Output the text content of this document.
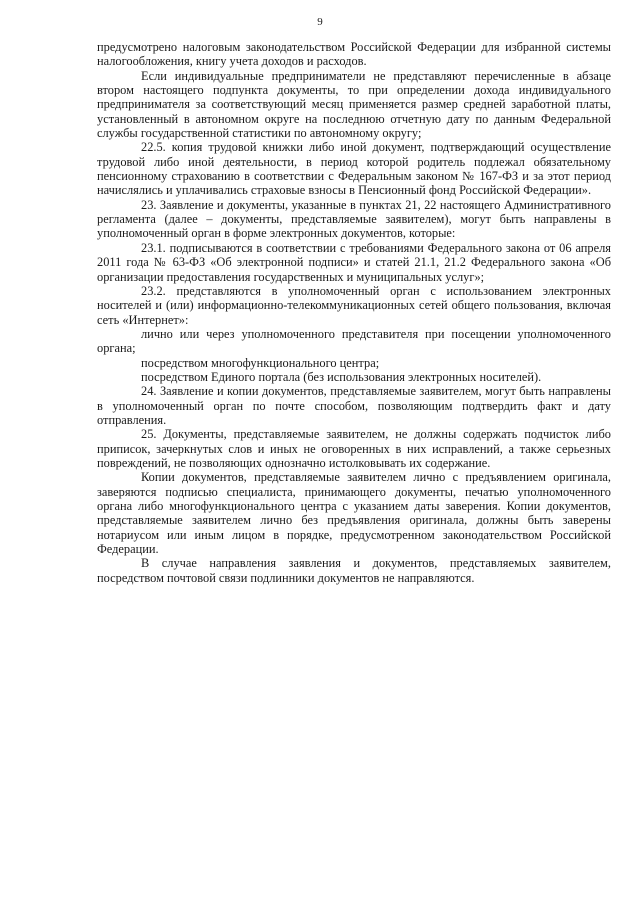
9

предусмотрено налоговым законодательством Российской Федерации для избранной системы налогообложения, книгу учета доходов и расходов.

Если индивидуальные предприниматели не представляют перечисленные в абзаце втором настоящего подпункта документы, то при определении дохода индивидуального предпринимателя за соответствующий месяц применяется размер средней заработной платы, установленный в автономном округе на последнюю отчетную дату по данным Федеральной службы государственной статистики по автономному округу;

22.5. копия трудовой книжки либо иной документ, подтверждающий осуществление трудовой либо иной деятельности, в период которой родитель подлежал обязательному пенсионному страхованию в соответствии с Федеральным законом № 167-ФЗ и за этот период начислялись и уплачивались страховые взносы в Пенсионный фонд Российской Федерации».

23. Заявление и документы, указанные в пунктах 21, 22 настоящего Административного регламента (далее – документы, представляемые заявителем), могут быть направлены в уполномоченный орган в форме электронных документов, которые:

23.1. подписываются в соответствии с требованиями Федерального закона от 06 апреля 2011 года № 63-ФЗ «Об электронной подписи» и статей 21.1, 21.2 Федерального закона «Об организации предоставления государственных и муниципальных услуг»;

23.2. представляются в уполномоченный орган с использованием электронных носителей и (или) информационно-телекоммуникационных сетей общего пользования, включая сеть «Интернет»:

лично или через уполномоченного представителя при посещении уполномоченного органа;

посредством многофункционального центра;

посредством Единого портала (без использования электронных носителей).

24. Заявление и копии документов, представляемые заявителем, могут быть направлены в уполномоченный орган по почте способом, позволяющим подтвердить факт и дату отправления.

25. Документы, представляемые заявителем, не должны содержать подчисток либо приписок, зачеркнутых слов и иных не оговоренных в них исправлений, а также серьезных повреждений, не позволяющих однозначно истолковывать их содержание.

Копии документов, представляемые заявителем лично с предъявлением оригинала, заверяются подписью специалиста, принимающего документы, печатью уполномоченного органа либо многофункционального центра с указанием даты заверения. Копии документов, представляемые заявителем лично без предъявления оригинала, должны быть заверены нотариусом или иным лицом в порядке, предусмотренном законодательством Российской Федерации.

В случае направления заявления и документов, представляемых заявителем, посредством почтовой связи подлинники документов не направляются.
